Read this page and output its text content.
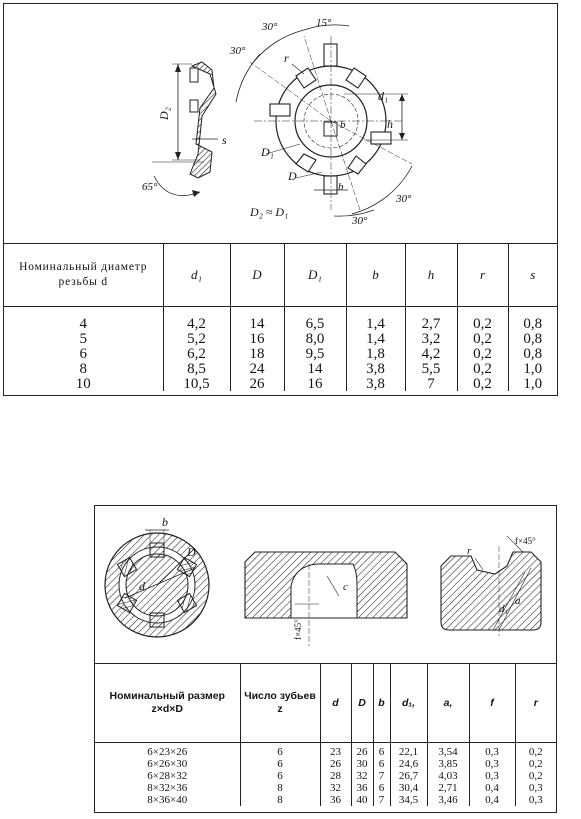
30°	15°
30°	r
d₁
h
b
D₁
D
b
30°
30°
D₂
s
65°
D₂ ≈ D₁
Номинальный диаметр резьбы d	d₁	D	D₁	b	h	r	s
4	4,2	14	6,5	1,4	2,7	0,2	0,8
5	5,2	16	8,0	1,4	3,2	0,2	0,8
6	6,2	18	9,5	1,8	4,2	0,2	0,8
8	8,5	24	14	3,8	5,5	0,2	1,0
10	10,5	26	16	3,8	7	0,2	1,0
b
D
d
f×45°
c
f×45°
r
d₁
a
Номинальный размер z×d×D	Число зубьев z	d	D	b	d₁,	a,	f	r
6×23×26	6	23	26	6	22,1	3,54	0,3	0,2
6×26×30	6	26	30	6	24,6	3,85	0,3	0,2
6×28×32	6	28	32	7	26,7	4,03	0,3	0,2
8×32×36	8	32	36	6	30,4	2,71	0,4	0,3
8×36×40	8	36	40	7	34,5	3,46	0,4	0,3
